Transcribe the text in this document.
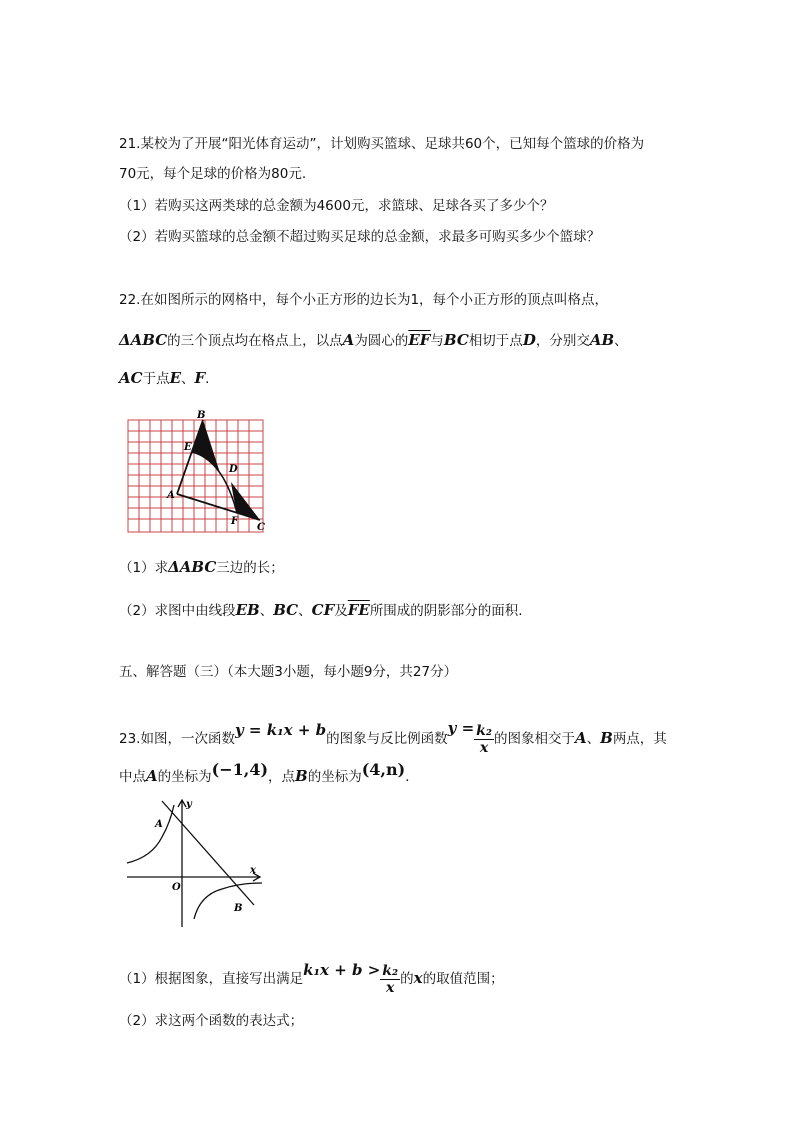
21.某校为了开展“阳光体育运动”，计划购买篮球、足球共60个，已知每个篮球的价格为
70元，每个足球的价格为80元.
（1）若购买这两类球的总金额为4600元，求篮球、足球各买了多少个？
（2）若购买篮球的总金额不超过购买足球的总金额，求最多可购买多少个篮球？
22.在如图所示的网格中，每个小正方形的边长为1，每个小正方形的顶点叫格点，
ΔABC的三个顶点均在格点上，以点A为圆心的$\overline{EF}$与BC相切于点D，分别交AB、
AC于点E、F.
B
E
D
A
F
C
（1）求ΔABC三边的长；
（2）求图中由线段EB、BC、CF及$\overline{FE}$所围成的阴影部分的面积.
五、解答题（三）（本大题3小题，每小题9分，共27分）
23.如图，一次函数y = k₁x + b的图象与反比例函数$y = \frac{\text{k₂}}{x}$ 的图象相交于A、B两点，其
中点A的坐标为(−1,4)，点B的坐标为(4,n).
y
A
x
O
B
（1）根据图象，直接写出满足$k_1x + b > \frac{\text{k₂}}{x}$ 的x的取值范围；
（2）求这两个函数的表达式；
